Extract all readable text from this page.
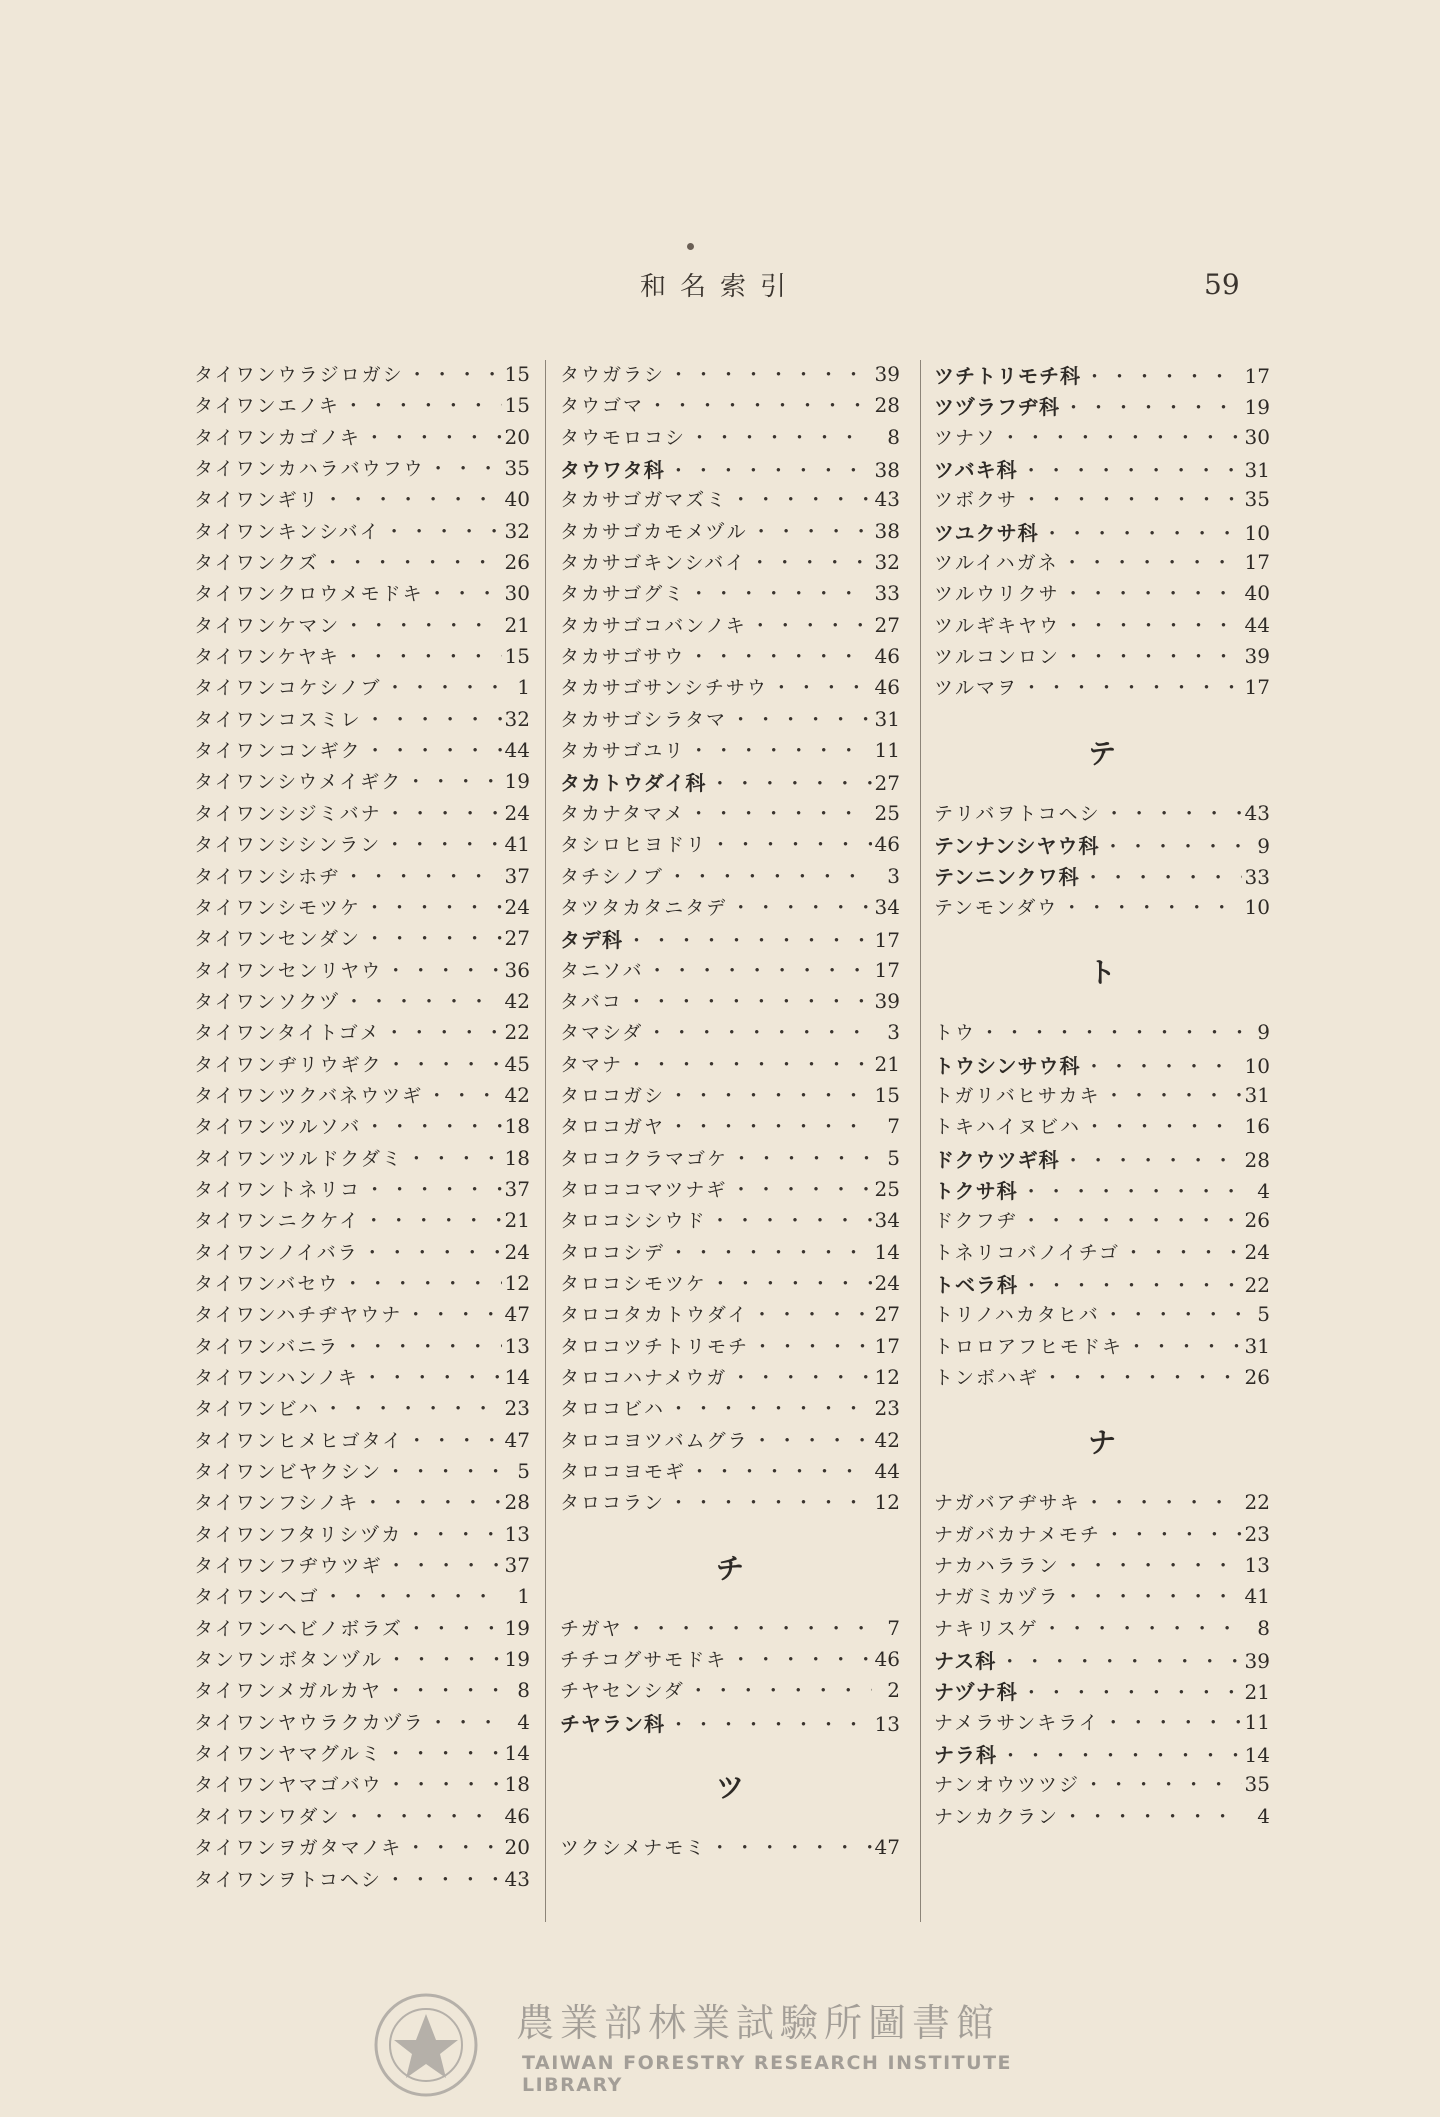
和名索引	59
タイワンウラジロガシ ・・・・・・・・・・・・・・・・・・・・・・・・・・・・・・・・	15
タイワンエノキ ・・・・・・・・・・・・・・・・・・・・・・・・・・・・・・・・	15
タイワンカゴノキ ・・・・・・・・・・・・・・・・・・・・・・・・・・・・・・・・	20
タイワンカハラバウフウ ・・・・・・・・・・・・・・・・・・・・・・・・・・・・・・・・	35
タイワンギリ ・・・・・・・・・・・・・・・・・・・・・・・・・・・・・・・・	40
タイワンキンシバイ ・・・・・・・・・・・・・・・・・・・・・・・・・・・・・・・・	32
タイワンクズ ・・・・・・・・・・・・・・・・・・・・・・・・・・・・・・・・	26
タイワンクロウメモドキ ・・・・・・・・・・・・・・・・・・・・・・・・・・・・・・・・	30
タイワンケマン ・・・・・・・・・・・・・・・・・・・・・・・・・・・・・・・・	21
タイワンケヤキ ・・・・・・・・・・・・・・・・・・・・・・・・・・・・・・・・	15
タイワンコケシノブ ・・・・・・・・・・・・・・・・・・・・・・・・・・・・・・・・	1
タイワンコスミレ ・・・・・・・・・・・・・・・・・・・・・・・・・・・・・・・・	32
タイワンコンギク ・・・・・・・・・・・・・・・・・・・・・・・・・・・・・・・・	44
タイワンシウメイギク ・・・・・・・・・・・・・・・・・・・・・・・・・・・・・・・・	19
タイワンシジミバナ ・・・・・・・・・・・・・・・・・・・・・・・・・・・・・・・・	24
タイワンシシンラン ・・・・・・・・・・・・・・・・・・・・・・・・・・・・・・・・	41
タイワンシホヂ ・・・・・・・・・・・・・・・・・・・・・・・・・・・・・・・・	37
タイワンシモツケ ・・・・・・・・・・・・・・・・・・・・・・・・・・・・・・・・	24
タイワンセンダン ・・・・・・・・・・・・・・・・・・・・・・・・・・・・・・・・	27
タイワンセンリヤウ ・・・・・・・・・・・・・・・・・・・・・・・・・・・・・・・・	36
タイワンソクヅ ・・・・・・・・・・・・・・・・・・・・・・・・・・・・・・・・	42
タイワンタイトゴメ ・・・・・・・・・・・・・・・・・・・・・・・・・・・・・・・・	22
タイワンヂリウギク ・・・・・・・・・・・・・・・・・・・・・・・・・・・・・・・・	45
タイワンツクバネウツギ ・・・・・・・・・・・・・・・・・・・・・・・・・・・・・・・・	42
タイワンツルソバ ・・・・・・・・・・・・・・・・・・・・・・・・・・・・・・・・	18
タイワンツルドクダミ ・・・・・・・・・・・・・・・・・・・・・・・・・・・・・・・・	18
タイワントネリコ ・・・・・・・・・・・・・・・・・・・・・・・・・・・・・・・・	37
タイワンニクケイ ・・・・・・・・・・・・・・・・・・・・・・・・・・・・・・・・	21
タイワンノイバラ ・・・・・・・・・・・・・・・・・・・・・・・・・・・・・・・・	24
タイワンバセウ ・・・・・・・・・・・・・・・・・・・・・・・・・・・・・・・・	12
タイワンハチヂヤウナ ・・・・・・・・・・・・・・・・・・・・・・・・・・・・・・・・	47
タイワンバニラ ・・・・・・・・・・・・・・・・・・・・・・・・・・・・・・・・	13
タイワンハンノキ ・・・・・・・・・・・・・・・・・・・・・・・・・・・・・・・・	14
タイワンビハ ・・・・・・・・・・・・・・・・・・・・・・・・・・・・・・・・	23
タイワンヒメヒゴタイ ・・・・・・・・・・・・・・・・・・・・・・・・・・・・・・・・	47
タイワンビヤクシン ・・・・・・・・・・・・・・・・・・・・・・・・・・・・・・・・	5
タイワンフシノキ ・・・・・・・・・・・・・・・・・・・・・・・・・・・・・・・・	28
タイワンフタリシヅカ ・・・・・・・・・・・・・・・・・・・・・・・・・・・・・・・・	13
タイワンフヂウツギ ・・・・・・・・・・・・・・・・・・・・・・・・・・・・・・・・	37
タイワンヘゴ ・・・・・・・・・・・・・・・・・・・・・・・・・・・・・・・・	1
タイワンヘビノボラズ ・・・・・・・・・・・・・・・・・・・・・・・・・・・・・・・・	19
タンワンボタンヅル ・・・・・・・・・・・・・・・・・・・・・・・・・・・・・・・・	19
タイワンメガルカヤ ・・・・・・・・・・・・・・・・・・・・・・・・・・・・・・・・	8
タイワンヤウラクカヅラ ・・・・・・・・・・・・・・・・・・・・・・・・・・・・・・・・	4
タイワンヤマグルミ ・・・・・・・・・・・・・・・・・・・・・・・・・・・・・・・・	14
タイワンヤマゴバウ ・・・・・・・・・・・・・・・・・・・・・・・・・・・・・・・・	18
タイワンワダン ・・・・・・・・・・・・・・・・・・・・・・・・・・・・・・・・	46
タイワンヲガタマノキ ・・・・・・・・・・・・・・・・・・・・・・・・・・・・・・・・	20
タイワンヲトコヘシ ・・・・・・・・・・・・・・・・・・・・・・・・・・・・・・・・	43
タウガラシ ・・・・・・・・・・・・・・・・・・・・・・・・・・・・・・・・	39
タウゴマ ・・・・・・・・・・・・・・・・・・・・・・・・・・・・・・・・	28
タウモロコシ ・・・・・・・・・・・・・・・・・・・・・・・・・・・・・・・・	8
タウワタ科 ・・・・・・・・・・・・・・・・・・・・・・・・・・・・・・・・	38
タカサゴガマズミ ・・・・・・・・・・・・・・・・・・・・・・・・・・・・・・・・	43
タカサゴカモメヅル ・・・・・・・・・・・・・・・・・・・・・・・・・・・・・・・・	38
タカサゴキンシバイ ・・・・・・・・・・・・・・・・・・・・・・・・・・・・・・・・	32
タカサゴグミ ・・・・・・・・・・・・・・・・・・・・・・・・・・・・・・・・	33
タカサゴコバンノキ ・・・・・・・・・・・・・・・・・・・・・・・・・・・・・・・・	27
タカサゴサウ ・・・・・・・・・・・・・・・・・・・・・・・・・・・・・・・・	46
タカサゴサンシチサウ ・・・・・・・・・・・・・・・・・・・・・・・・・・・・・・・・	46
タカサゴシラタマ ・・・・・・・・・・・・・・・・・・・・・・・・・・・・・・・・	31
タカサゴユリ ・・・・・・・・・・・・・・・・・・・・・・・・・・・・・・・・	11
タカトウダイ科 ・・・・・・・・・・・・・・・・・・・・・・・・・・・・・・・・	27
タカナタマメ ・・・・・・・・・・・・・・・・・・・・・・・・・・・・・・・・	25
タシロヒヨドリ ・・・・・・・・・・・・・・・・・・・・・・・・・・・・・・・・	46
タチシノブ ・・・・・・・・・・・・・・・・・・・・・・・・・・・・・・・・	3
タツタカタニタデ ・・・・・・・・・・・・・・・・・・・・・・・・・・・・・・・・	34
タデ科 ・・・・・・・・・・・・・・・・・・・・・・・・・・・・・・・・	17
タニソバ ・・・・・・・・・・・・・・・・・・・・・・・・・・・・・・・・	17
タバコ ・・・・・・・・・・・・・・・・・・・・・・・・・・・・・・・・	39
タマシダ ・・・・・・・・・・・・・・・・・・・・・・・・・・・・・・・・	3
タマナ ・・・・・・・・・・・・・・・・・・・・・・・・・・・・・・・・	21
タロコガシ ・・・・・・・・・・・・・・・・・・・・・・・・・・・・・・・・	15
タロコガヤ ・・・・・・・・・・・・・・・・・・・・・・・・・・・・・・・・	7
タロコクラマゴケ ・・・・・・・・・・・・・・・・・・・・・・・・・・・・・・・・	5
タロココマツナギ ・・・・・・・・・・・・・・・・・・・・・・・・・・・・・・・・	25
タロコシシウド ・・・・・・・・・・・・・・・・・・・・・・・・・・・・・・・・	34
タロコシデ ・・・・・・・・・・・・・・・・・・・・・・・・・・・・・・・・	14
タロコシモツケ ・・・・・・・・・・・・・・・・・・・・・・・・・・・・・・・・	24
タロコタカトウダイ ・・・・・・・・・・・・・・・・・・・・・・・・・・・・・・・・	27
タロコツチトリモチ ・・・・・・・・・・・・・・・・・・・・・・・・・・・・・・・・	17
タロコハナメウガ ・・・・・・・・・・・・・・・・・・・・・・・・・・・・・・・・	12
タロコビハ ・・・・・・・・・・・・・・・・・・・・・・・・・・・・・・・・	23
タロコヨツバムグラ ・・・・・・・・・・・・・・・・・・・・・・・・・・・・・・・・	42
タロコヨモギ ・・・・・・・・・・・・・・・・・・・・・・・・・・・・・・・・	44
タロコラン ・・・・・・・・・・・・・・・・・・・・・・・・・・・・・・・・	12
チ
チガヤ ・・・・・・・・・・・・・・・・・・・・・・・・・・・・・・・・	7
チチコグサモドキ ・・・・・・・・・・・・・・・・・・・・・・・・・・・・・・・・	46
チヤセンシダ ・・・・・・・・・・・・・・・・・・・・・・・・・・・・・・・・	2
チヤラン科 ・・・・・・・・・・・・・・・・・・・・・・・・・・・・・・・・	13
ツ
ツクシメナモミ ・・・・・・・・・・・・・・・・・・・・・・・・・・・・・・・・	47
ツチトリモチ科 ・・・・・・・・・・・・・・・・・・・・・・・・・・・・・・・・	17
ツヅラフヂ科 ・・・・・・・・・・・・・・・・・・・・・・・・・・・・・・・・	19
ツナソ ・・・・・・・・・・・・・・・・・・・・・・・・・・・・・・・・	30
ツバキ科 ・・・・・・・・・・・・・・・・・・・・・・・・・・・・・・・・	31
ツボクサ ・・・・・・・・・・・・・・・・・・・・・・・・・・・・・・・・	35
ツユクサ科 ・・・・・・・・・・・・・・・・・・・・・・・・・・・・・・・・	10
ツルイハガネ ・・・・・・・・・・・・・・・・・・・・・・・・・・・・・・・・	17
ツルウリクサ ・・・・・・・・・・・・・・・・・・・・・・・・・・・・・・・・	40
ツルギキヤウ ・・・・・・・・・・・・・・・・・・・・・・・・・・・・・・・・	44
ツルコンロン ・・・・・・・・・・・・・・・・・・・・・・・・・・・・・・・・	39
ツルマヲ ・・・・・・・・・・・・・・・・・・・・・・・・・・・・・・・・	17
テ
テリバヲトコヘシ ・・・・・・・・・・・・・・・・・・・・・・・・・・・・・・・・	43
テンナンシヤウ科 ・・・・・・・・・・・・・・・・・・・・・・・・・・・・・・・・	9
テンニンクワ科 ・・・・・・・・・・・・・・・・・・・・・・・・・・・・・・・・	33
テンモンダウ ・・・・・・・・・・・・・・・・・・・・・・・・・・・・・・・・	10
ト
トウ ・・・・・・・・・・・・・・・・・・・・・・・・・・・・・・・・	9
トウシンサウ科 ・・・・・・・・・・・・・・・・・・・・・・・・・・・・・・・・	10
トガリバヒサカキ ・・・・・・・・・・・・・・・・・・・・・・・・・・・・・・・・	31
トキハイヌビハ ・・・・・・・・・・・・・・・・・・・・・・・・・・・・・・・・	16
ドクウツギ科 ・・・・・・・・・・・・・・・・・・・・・・・・・・・・・・・・	28
トクサ科 ・・・・・・・・・・・・・・・・・・・・・・・・・・・・・・・・	4
ドクフヂ ・・・・・・・・・・・・・・・・・・・・・・・・・・・・・・・・	26
トネリコバノイチゴ ・・・・・・・・・・・・・・・・・・・・・・・・・・・・・・・・	24
トベラ科 ・・・・・・・・・・・・・・・・・・・・・・・・・・・・・・・・	22
トリノハカタヒバ ・・・・・・・・・・・・・・・・・・・・・・・・・・・・・・・・	5
トロロアフヒモドキ ・・・・・・・・・・・・・・・・・・・・・・・・・・・・・・・・	31
トンボハギ ・・・・・・・・・・・・・・・・・・・・・・・・・・・・・・・・	26
ナ
ナガバアヂサキ ・・・・・・・・・・・・・・・・・・・・・・・・・・・・・・・・	22
ナガバカナメモチ ・・・・・・・・・・・・・・・・・・・・・・・・・・・・・・・・	23
ナカハララン ・・・・・・・・・・・・・・・・・・・・・・・・・・・・・・・・	13
ナガミカヅラ ・・・・・・・・・・・・・・・・・・・・・・・・・・・・・・・・	41
ナキリスゲ ・・・・・・・・・・・・・・・・・・・・・・・・・・・・・・・・	8
ナス科 ・・・・・・・・・・・・・・・・・・・・・・・・・・・・・・・・	39
ナヅナ科 ・・・・・・・・・・・・・・・・・・・・・・・・・・・・・・・・	21
ナメラサンキライ ・・・・・・・・・・・・・・・・・・・・・・・・・・・・・・・・	11
ナラ科 ・・・・・・・・・・・・・・・・・・・・・・・・・・・・・・・・	14
ナンオウツツジ ・・・・・・・・・・・・・・・・・・・・・・・・・・・・・・・・	35
ナンカクラン ・・・・・・・・・・・・・・・・・・・・・・・・・・・・・・・・	4
農業部林業試驗所圖書館
TAIWAN FORESTRY RESEARCH INSTITUTE LIBRARY
